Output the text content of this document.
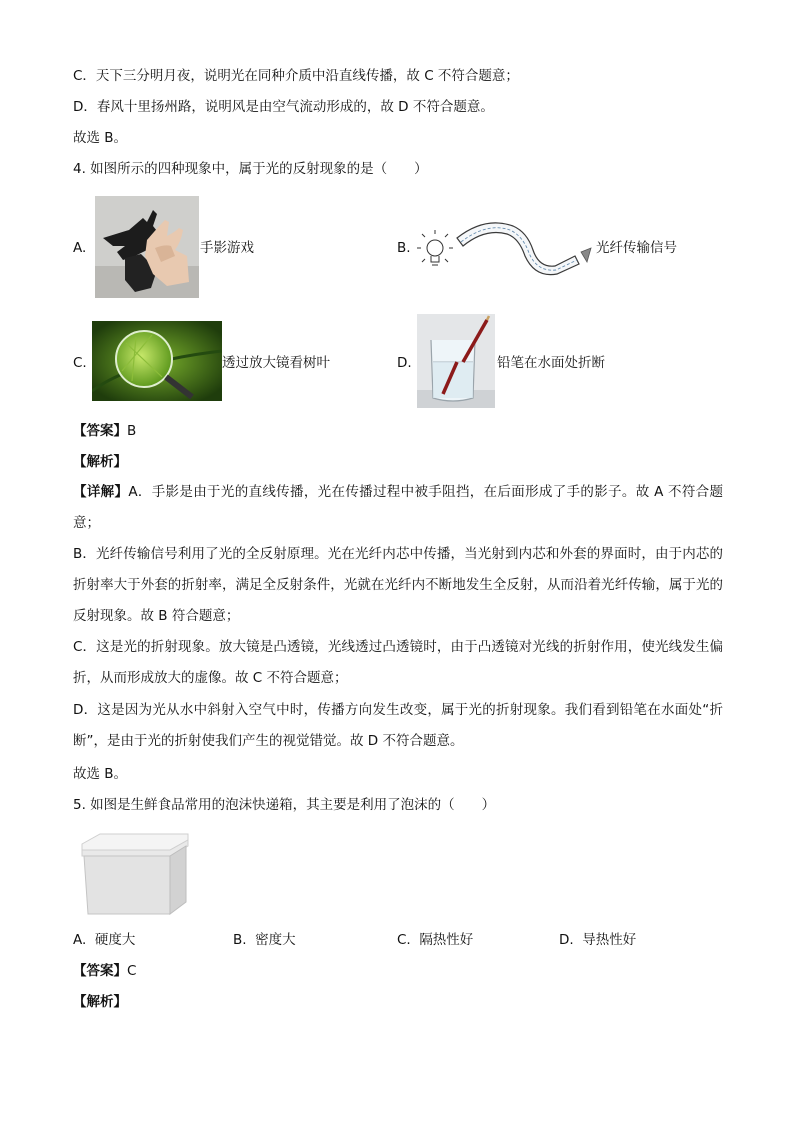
C．天下三分明月夜，说明光在同种介质中沿直线传播，故 C 不符合题意；
D．春风十里扬州路，说明风是由空气流动形成的，故 D 不符合题意。
故选 B。
4. 如图所示的四种现象中，属于光的反射现象的是（　　）
A.	手影游戏	B.	光纤传输信号
C.	透过放大镜看树叶	D.	铅笔在水面处折断
【答案】B
【解析】
【详解】A．手影是由于光的直线传播，光在传播过程中被手阻挡，在后面形成了手的影子。故 A 不符合题意；
B．光纤传输信号利用了光的全反射原理。光在光纤内芯中传播，当光射到内芯和外套的界面时，由于内芯的折射率大于外套的折射率，满足全反射条件，光就在光纤内不断地发生全反射，从而沿着光纤传输，属于光的反射现象。故 B 符合题意；
C．这是光的折射现象。放大镜是凸透镜，光线透过凸透镜时，由于凸透镜对光线的折射作用，使光线发生偏折，从而形成放大的虚像。故 C 不符合题意；
D．这是因为光从水中斜射入空气中时，传播方向发生改变，属于光的折射现象。我们看到铅笔在水面处“折断”，是由于光的折射使我们产生的视觉错觉。故 D 不符合题意。
故选 B。
5. 如图是生鲜食品常用的泡沫快递箱，其主要是利用了泡沫的（　　）
A. 硬度大	B. 密度大	C. 隔热性好	D. 导热性好
【答案】C
【解析】
